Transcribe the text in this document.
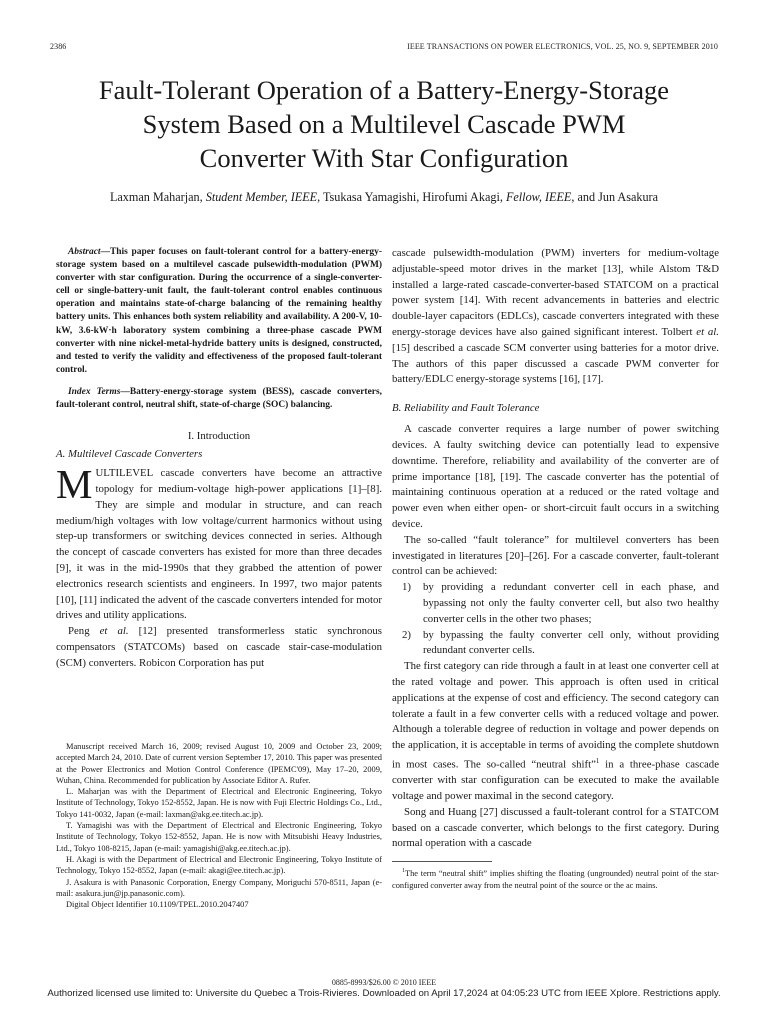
2386	IEEE TRANSACTIONS ON POWER ELECTRONICS, VOL. 25, NO. 9, SEPTEMBER 2010
Fault-Tolerant Operation of a Battery-Energy-Storage
System Based on a Multilevel Cascade PWM
Converter With Star Configuration
Laxman Maharjan, Student Member, IEEE, Tsukasa Yamagishi, Hirofumi Akagi, Fellow, IEEE, and Jun Asakura

Abstract—This paper focuses on fault-tolerant control for a battery-energy-storage system based on a multilevel cascade pulsewidth-modulation (PWM) converter with star configuration. During the occurrence of a single-converter-cell or single-battery-unit fault, the fault-tolerant control enables continuous operation and maintains state-of-charge balancing of the remaining healthy battery units. This enhances both system reliability and availability. A 200-V, 10-kW, 3.6-kW·h laboratory system combining a three-phase cascade PWM converter with nine nickel-metal-hydride battery units is designed, constructed, and tested to verify the validity and effectiveness of the proposed fault-tolerant control.

Index Terms—Battery-energy-storage system (BESS), cascade converters, fault-tolerant control, neutral shift, state-of-charge (SOC) balancing.

I. Introduction
A. Multilevel Cascade Converters

MULTILEVEL cascade converters have become an attractive topology for medium-voltage high-power applications [1]–[8]. They are simple and modular in structure, and can reach medium/high voltages with low voltage/current harmonics without using step-up transformers or switching devices connected in series. Although the concept of cascade converters has existed for more than three decades [9], it was in the mid-1990s that they grabbed the attention of power electronics research scientists and engineers. In 1997, two major patents [10], [11] indicated the advent of the cascade converters intended for motor drives and utility applications.

Peng et al. [12] presented transformerless static synchronous compensators (STATCOMs) based on cascade stair-case-modulation (SCM) converters. Robicon Corporation has put

Manuscript received March 16, 2009; revised August 10, 2009 and October 23, 2009; accepted March 24, 2010. Date of current version September 17, 2010. This paper was presented at the Power Electronics and Motion Control Conference (IPEMC'09), May 17–20, 2009, Wuhan, China. Recommended for publication by Associate Editor A. Rufer.

L. Maharjan was with the Department of Electrical and Electronic Engineering, Tokyo Institute of Technology, Tokyo 152-8552, Japan. He is now with Fuji Electric Holdings Co., Ltd., Tokyo 141-0032, Japan (e-mail: laxman@akg.ee.titech.ac.jp).

T. Yamagishi was with the Department of Electrical and Electronic Engineering, Tokyo Institute of Technology, Tokyo 152-8552, Japan. He is now with Mitsubishi Heavy Industries, Ltd., Tokyo 108-8215, Japan (e-mail: yamagishi@akg.ee.titech.ac.jp).

H. Akagi is with the Department of Electrical and Electronic Engineering, Tokyo Institute of Technology, Tokyo 152-8552, Japan (e-mail: akagi@ee.titech.ac.jp).

J. Asakura is with Panasonic Corporation, Energy Company, Moriguchi 570-8511, Japan (e-mail: asakura.jun@jp.panasonic.com).

Digital Object Identifier 10.1109/TPEL.2010.2047407

cascade pulsewidth-modulation (PWM) inverters for medium-voltage adjustable-speed motor drives in the market [13], while Alstom T&D installed a large-rated cascade-converter-based STATCOM on a practical power system [14]. With recent advancements in batteries and electric double-layer capacitors (EDLCs), cascade converters integrated with these energy-storage devices have also gained significant interest. Tolbert et al. [15] described a cascade SCM converter using batteries for a motor drive. The authors of this paper discussed a cascade PWM converter for battery/EDLC energy-storage systems [16], [17].

B. Reliability and Fault Tolerance

A cascade converter requires a large number of power switching devices. A faulty switching device can potentially lead to expensive downtime. Therefore, reliability and availability of the converter are of prime importance [18], [19]. The cascade converter has the potential of maintaining continuous operation at a reduced or the rated voltage and power even when either open- or short-circuit fault occurs in a switching device.

The so-called “fault tolerance” for multilevel converters has been investigated in literatures [20]–[26]. For a cascade converter, fault-tolerant control can be achieved:

1) by providing a redundant converter cell in each phase, and bypassing not only the faulty converter cell, but also two healthy converter cells in the other two phases;
2) by bypassing the faulty converter cell only, without providing redundant converter cells.

The first category can ride through a fault in at least one converter cell at the rated voltage and power. This approach is often used in critical applications at the expense of cost and efficiency. The second category can tolerate a fault in a few converter cells with a reduced voltage and power. Although a tolerable degree of reduction in voltage and power depends on the application, it is acceptable in terms of avoiding the complete shutdown in most cases. The so-called “neutral shift”$^1$ in a three-phase cascade converter with star configuration can be executed to make the available voltage and power maximal in the second category.

Song and Huang [27] discussed a fault-tolerant control for a STATCOM based on a cascade converter, which belongs to the first category. During normal operation with a cascade

$^1$The term “neutral shift” implies shifting the floating (ungrounded) neutral point of the star-configured converter away from the neutral point of the source or the ac mains.

0885-8993/$26.00 © 2010 IEEE
Authorized licensed use limited to: Universite du Quebec a Trois-Rivieres. Downloaded on April 17,2024 at 04:05:23 UTC from IEEE Xplore. Restrictions apply.
